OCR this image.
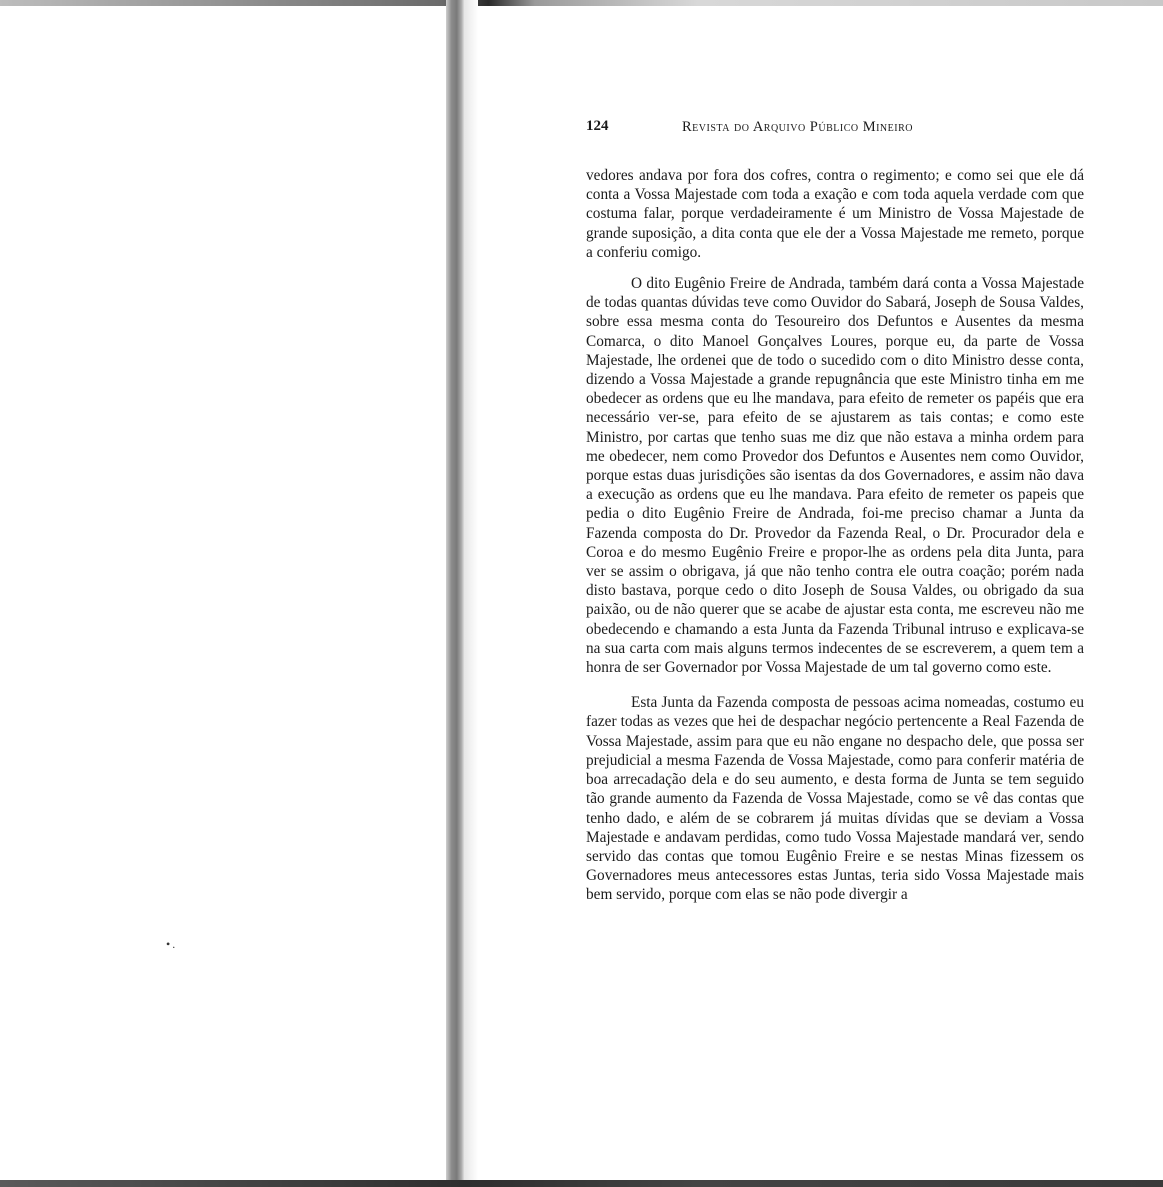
•.
124	Revista do Arquivo Público Mineiro

vedores andava por fora dos cofres, contra o regimento; e como sei que ele dá conta a Vossa Majestade com toda a exação e com toda aquela verdade com que costuma falar, porque verdadeiramente é um Ministro de Vossa Majestade de grande suposição, a dita conta que ele der a Vossa Majestade me remeto, porque a conferiu comigo.

O dito Eugênio Freire de Andrada, também dará conta a Vossa Majestade de todas quantas dúvidas teve como Ouvidor do Sabará, Joseph de Sousa Valdes, sobre essa mesma conta do Tesoureiro dos Defuntos e Ausentes da mesma Comarca, o dito Manoel Gonçalves Loures, porque eu, da parte de Vossa Majestade, lhe ordenei que de todo o sucedido com o dito Ministro desse conta, dizendo a Vossa Majestade a grande repugnância que este Ministro tinha em me obedecer as ordens que eu lhe mandava, para efeito de remeter os papéis que era necessário ver-se, para efeito de se ajustarem as tais contas; e como este Ministro, por cartas que tenho suas me diz que não estava a minha ordem para me obedecer, nem como Provedor dos Defuntos e Ausentes nem como Ouvidor, porque estas duas jurisdições são isentas da dos Governadores, e assim não dava a execução as ordens que eu lhe mandava. Para efeito de remeter os papeis que pedia o dito Eugênio Freire de Andrada, foi-me preciso chamar a Junta da Fazenda composta do Dr. Provedor da Fazenda Real, o Dr. Procurador dela e Coroa e do mesmo Eugênio Freire e propor-lhe as ordens pela dita Junta, para ver se assim o obrigava, já que não tenho contra ele outra coação; porém nada disto bastava, porque cedo o dito Joseph de Sousa Valdes, ou obrigado da sua paixão, ou de não querer que se acabe de ajustar esta conta, me escreveu não me obedecendo e chamando a esta Junta da Fazenda Tribunal intruso e explicava-se na sua carta com mais alguns termos indecentes de se escreverem, a quem tem a honra de ser Governador por Vossa Majestade de um tal governo como este.

Esta Junta da Fazenda composta de pessoas acima nomeadas, costumo eu fazer todas as vezes que hei de despachar negócio pertencente a Real Fazenda de Vossa Majestade, assim para que eu não engane no despacho dele, que possa ser prejudicial a mesma Fazenda de Vossa Majestade, como para conferir matéria de boa arrecadação dela e do seu aumento, e desta forma de Junta se tem seguido tão grande aumento da Fazenda de Vossa Majestade, como se vê das contas que tenho dado, e além de se cobrarem já muitas dívidas que se deviam a Vossa Majestade e andavam perdidas, como tudo Vossa Majestade mandará ver, sendo servido das contas que tomou Eugênio Freire e se nestas Minas fizessem os Governadores meus antecessores estas Juntas, teria sido Vossa Majestade mais bem servido, porque com elas se não pode divergir a
